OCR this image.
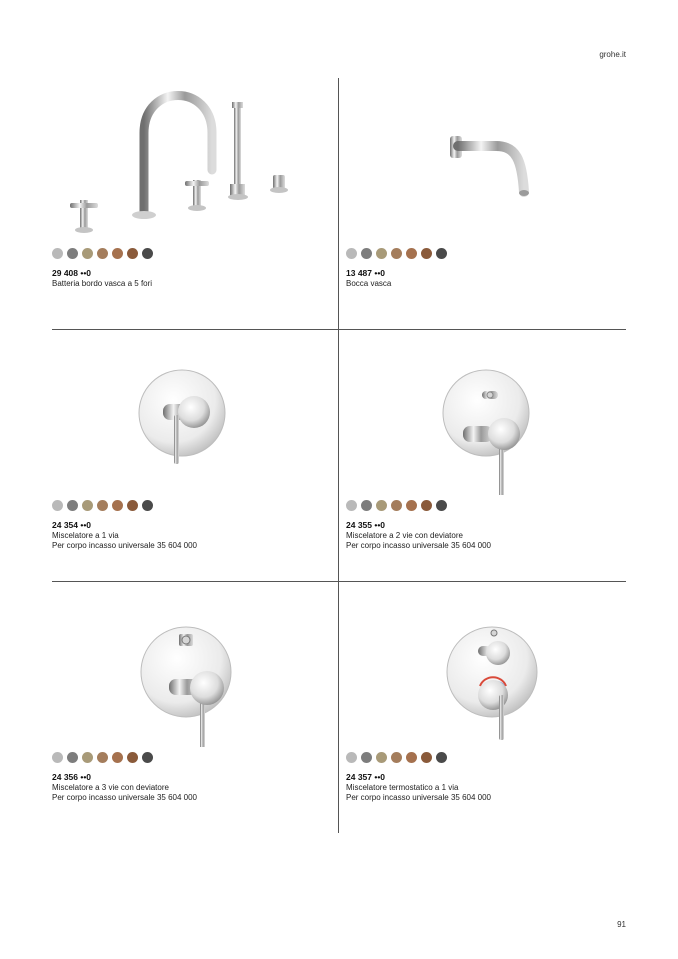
grohe.it
29 408 ••0
Batteria bordo vasca a 5 fori
13 487 ••0
Bocca vasca
24 354 ••0
Miscelatore a 1 via
Per corpo incasso universale 35 604 000
24 355 ••0
Miscelatore a 2 vie con deviatore
Per corpo incasso universale 35 604 000
24 356 ••0
Miscelatore a 3 vie con deviatore
Per corpo incasso universale 35 604 000
24 357 ••0
Miscelatore termostatico a 1 via
Per corpo incasso universale 35 604 000
91
